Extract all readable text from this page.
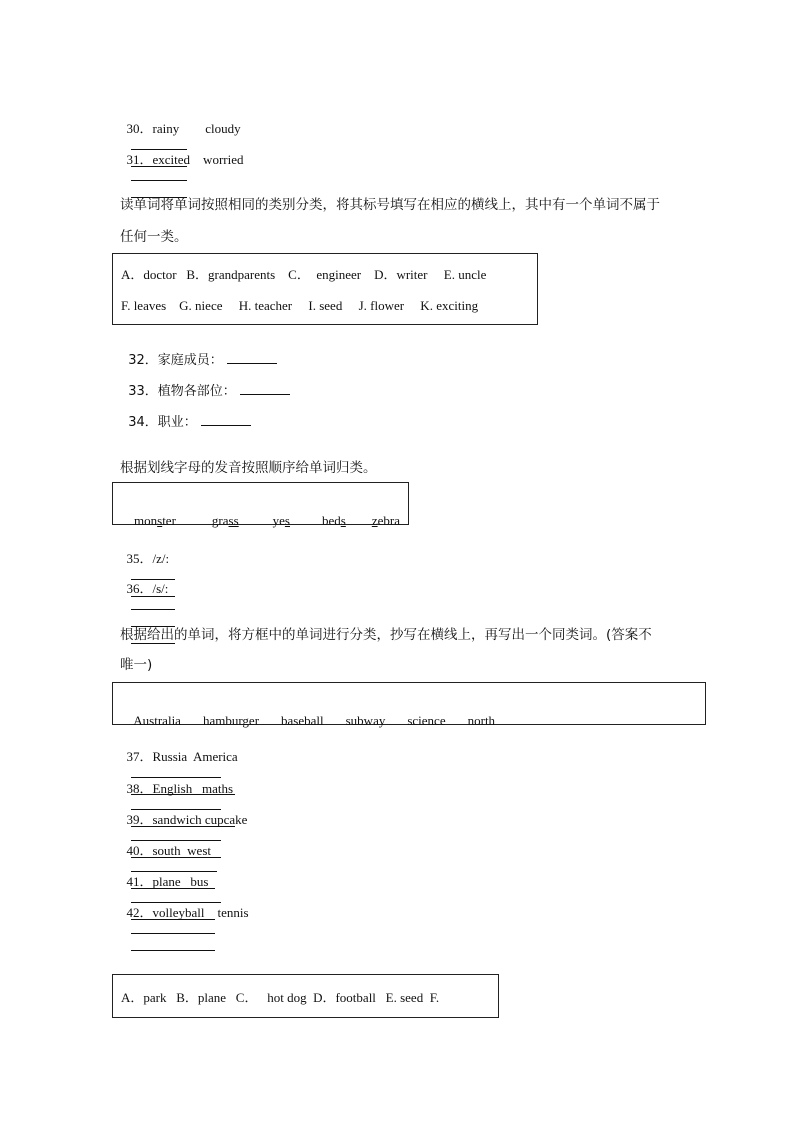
30．rainy        cloudy

31．excited    worried

读单词将单词按照相同的类别分类，将其标号填写在相应的横线上，其中有一个单词不属于
任何一类。
A．doctor   B．grandparents    C．  engineer    D．writer     E. uncle
F. leaves    G. niece     H. teacher     I. seed     J. flower     K. exciting

32．家庭成员：

33．植物各部位：

34．职业：

根据划线字母的发音按照顺序给单词归类。

monster	grass	yes beds zebra

35．/z/:

36．/s/:

根据给出的单词，将方框中的单词进行分类，抄写在横线上，再写出一个同类词。(答案不
唯一)

Australia hamburger baseball subway science north

37．Russia  America

38．English   maths

39．sandwich cupcake

40．south  west

41．plane   bus

42．volleyball    tennis

A．park   B．plane   C．   hot dog  D．football   E. seed  F.
